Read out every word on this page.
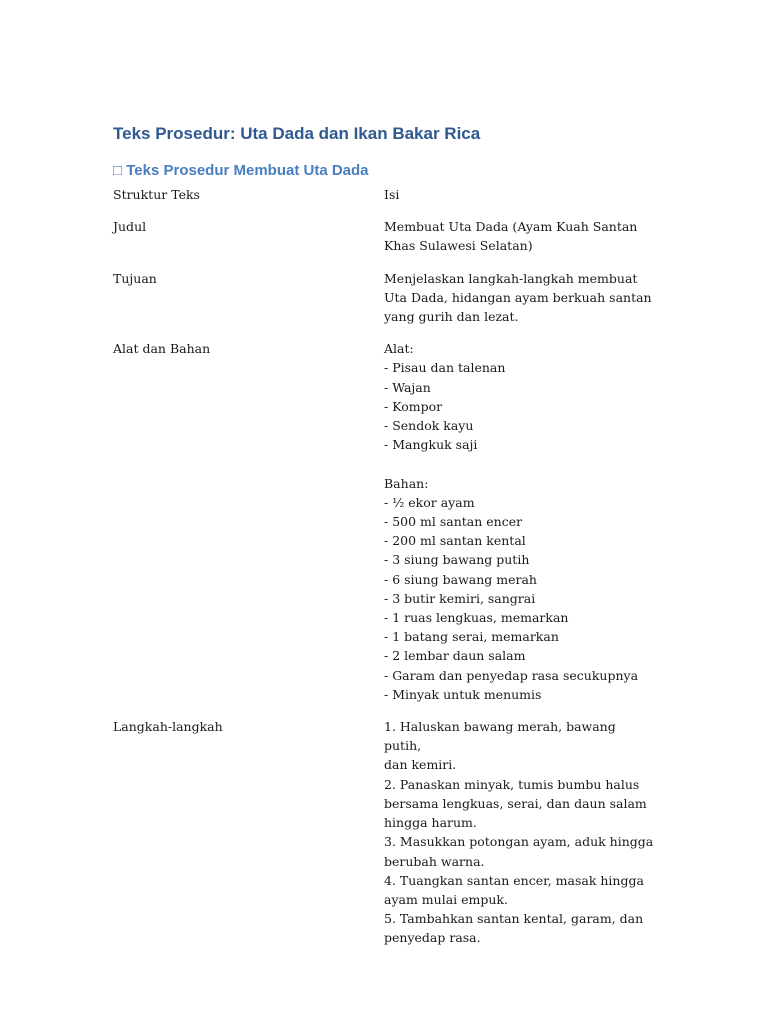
Teks Prosedur: Uta Dada dan Ikan Bakar Rica
□ Teks Prosedur Membuat Uta Dada
Struktur Teks	Isi
Judul	Membuat Uta Dada (Ayam Kuah Santan
Khas Sulawesi Selatan)
Tujuan	Menjelaskan langkah-langkah membuat
Uta Dada, hidangan ayam berkuah santan
yang gurih dan lezat.
Alat dan Bahan	Alat:
- Pisau dan talenan
- Wajan
- Kompor
- Sendok kayu
- Mangkuk saji

Bahan:
- ½ ekor ayam
- 500 ml santan encer
- 200 ml santan kental
- 3 siung bawang putih
- 6 siung bawang merah
- 3 butir kemiri, sangrai
- 1 ruas lengkuas, memarkan
- 1 batang serai, memarkan
- 2 lembar daun salam
- Garam dan penyedap rasa secukupnya
- Minyak untuk menumis
Langkah-langkah	1. Haluskan bawang merah, bawang putih,
dan kemiri.
2. Panaskan minyak, tumis bumbu halus
bersama lengkuas, serai, dan daun salam
hingga harum.
3. Masukkan potongan ayam, aduk hingga
berubah warna.
4. Tuangkan santan encer, masak hingga
ayam mulai empuk.
5. Tambahkan santan kental, garam, dan
penyedap rasa.
